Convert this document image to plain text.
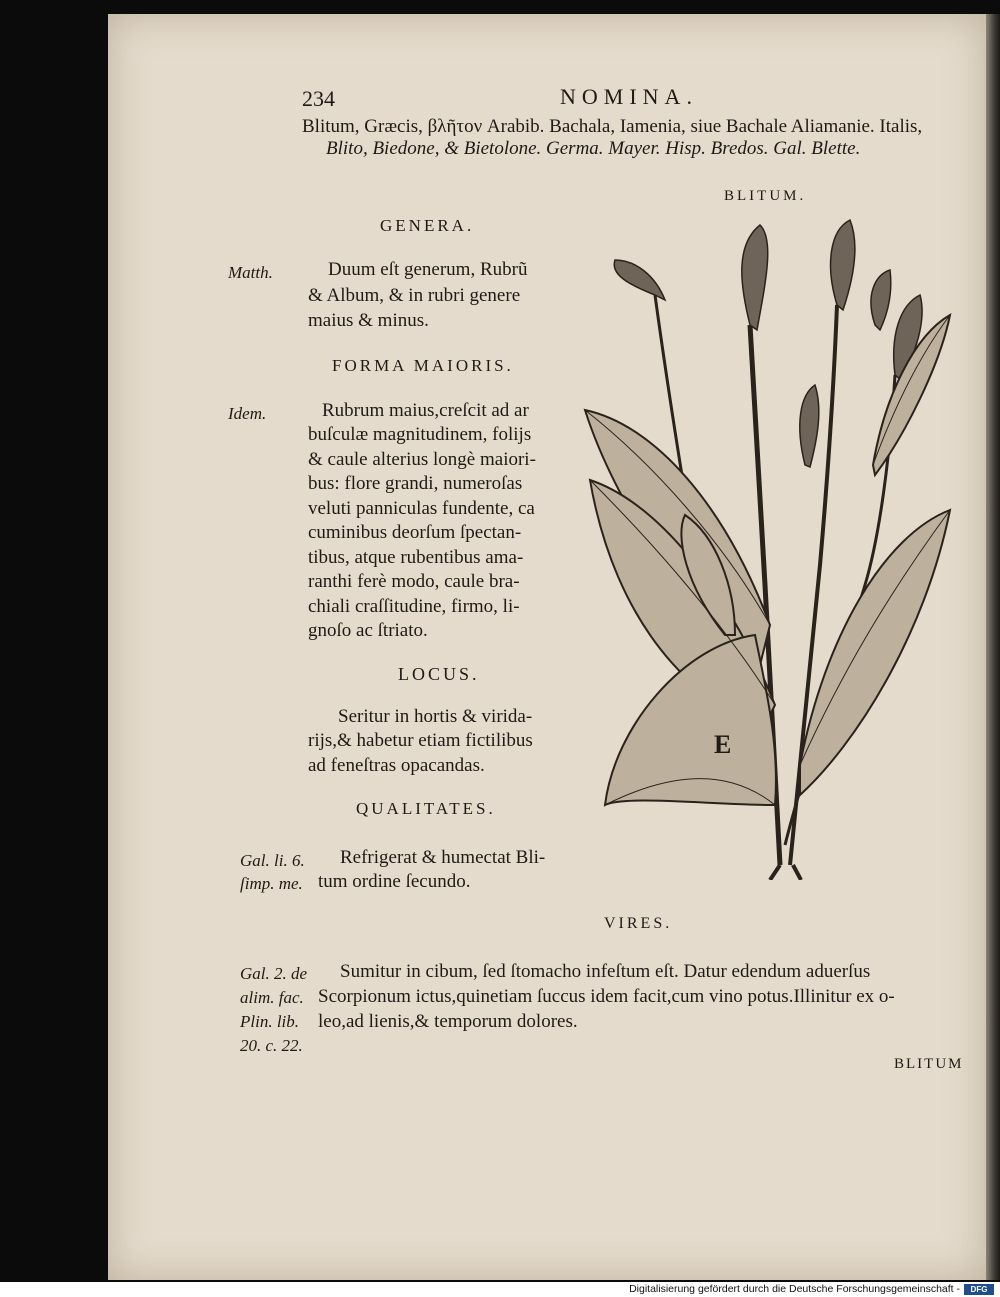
234	NOMINA.
Blitum, Græcis, βλῆτον Arabib. Bachala, Iamenia, siue Bachale Aliamanie. Italis,
Blito, Biedone, & Bietolone. Germa. Mayer. Hisp. Bredos. Gal. Blette.
BLITUM.
GENERA.
Matth.	Duum eſt generum, Rubrũ
& Album, & in rubri genere
maius & minus.
FORMA MAIORIS.
Idem.	Rubrum maius,creſcit ad ar
buſculæ magnitudinem, folijs
& caule alterius longè maiori-
bus: flore grandi, numeroſas
veluti panniculas fundente, ca
cuminibus deorſum ſpectan-
tibus, atque rubentibus ama-
ranthi ferè modo, caule bra-
chiali craſſitudine, firmo, li-
gnoſo ac ſtriato.
LOCUS.
Seritur in hortis & virida-
rijs,& habetur etiam fictilibus
ad feneſtras opacandas.
QUALITATES.
Gal. li. 6.
ſimp. me.
Refrigerat & humectat Bli-
tum ordine ſecundo.
VIRES.
Gal. 2. de
alim. fac.
Plin. lib.
20. c. 22.
Sumitur in cibum, ſed ſtomacho infeſtum eſt. Datur edendum aduerſus
Scorpionum ictus,quinetiam ſuccus idem facit,cum vino potus.Illinitur ex o-
leo,ad lienis,& temporum dolores.
BLITUM
E
Digitalisierung gefördert durch die Deutsche Forschungsgemeinschaft -	DFG
